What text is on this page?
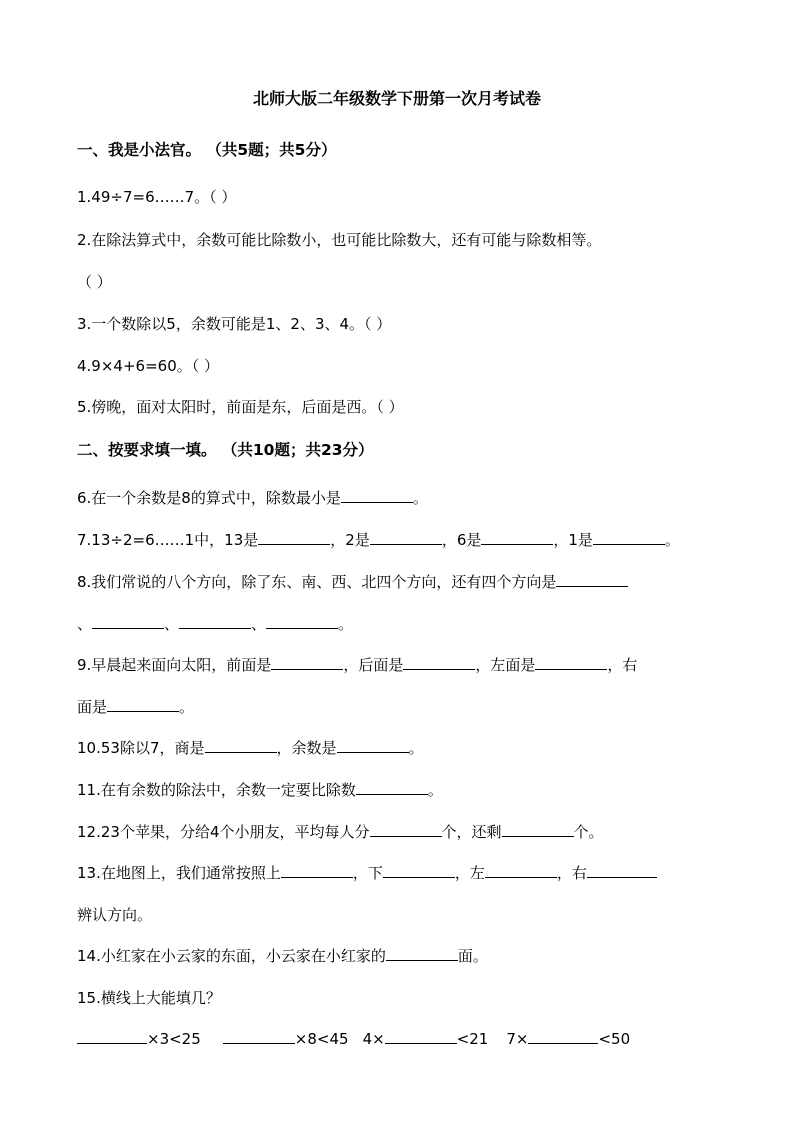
北师大版二年级数学下册第一次月考试卷
一、我是小法官。 （共5题；共5分）
1.49÷7=6……7。（ ）
2.在除法算式中，余数可能比除数小，也可能比除数大，还有可能与除数相等。
（ ）
3.一个数除以5，余数可能是1、2、3、4。（ ）
4.9×4+6=60。（ ）
5.傍晚，面对太阳时，前面是东，后面是西。（ ）
二、按要求填一填。 （共10题；共23分）
6.在一个余数是8的算式中，除数最小是	。
7.13÷2=6……1中，13是	，2是	，6是	，1是	。
8.我们常说的八个方向，除了东、南、西、北四个方向，还有四个方向是
、	、	、	。
9.早晨起来面向太阳，前面是	，后面是	，左面是	，右
面是	。
10.53除以7，商是	，余数是	。
11.在有余数的除法中，余数一定要比除数	。
12.23个苹果，分给4个小朋友，平均每人分	个，还剩	个。
13.在地图上，我们通常按照上	，下	，左	，右
辨认方向。
14.小红家在小云家的东面，小云家在小红家的	面。
15.横线上大能填几？
×3<25	×8<45 4×	<21 7×	<50
